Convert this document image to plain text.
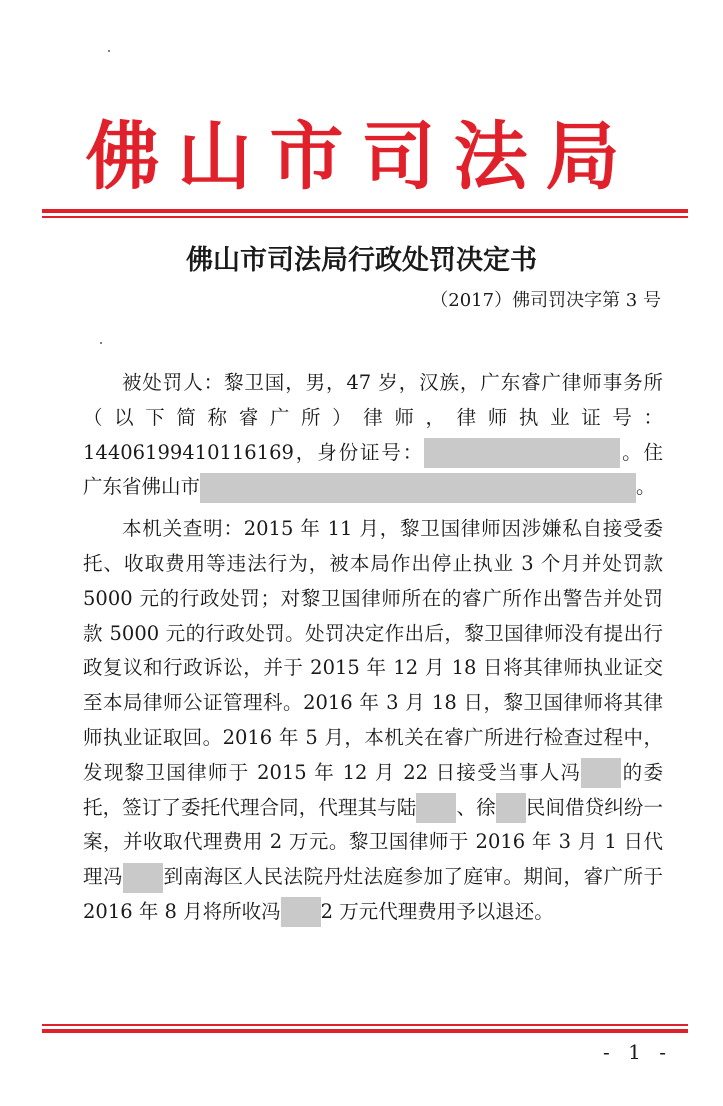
佛山市司法局
佛山市司法局行政处罚决定书
（2017）佛司罚决字第 3 号

被处罚人：黎卫国，男，47 岁，汉族，广东睿广律师事务所（以下简称睿广所）律师，律师执业证号：14406199410116169，身份证号：	。住广东省佛山市	。

本机关查明：2015 年 11 月，黎卫国律师因涉嫌私自接受委托、收取费用等违法行为，被本局作出停止执业 3 个月并处罚款 5000 元的行政处罚；对黎卫国律师所在的睿广所作出警告并处罚款 5000 元的行政处罚。处罚决定作出后，黎卫国律师没有提出行政复议和行政诉讼，并于 2015 年 12 月 18 日将其律师执业证交至本局律师公证管理科。2016 年 3 月 18 日，黎卫国律师将其律师执业证取回。2016 年 5 月，本机关在睿广所进行检查过程中，发现黎卫国律师于 2015 年 12 月 22 日接受当事人冯 的委托，签订了委托代理合同，代理其与陆 、徐 民间借贷纠纷一案，并收取代理费用 2 万元。黎卫国律师于 2016 年 3 月 1 日代理冯 到南海区人民法院丹灶法庭参加了庭审。期间，睿广所于 2016 年 8 月将所收冯 2 万元代理费用予以退还。

- 1 -
